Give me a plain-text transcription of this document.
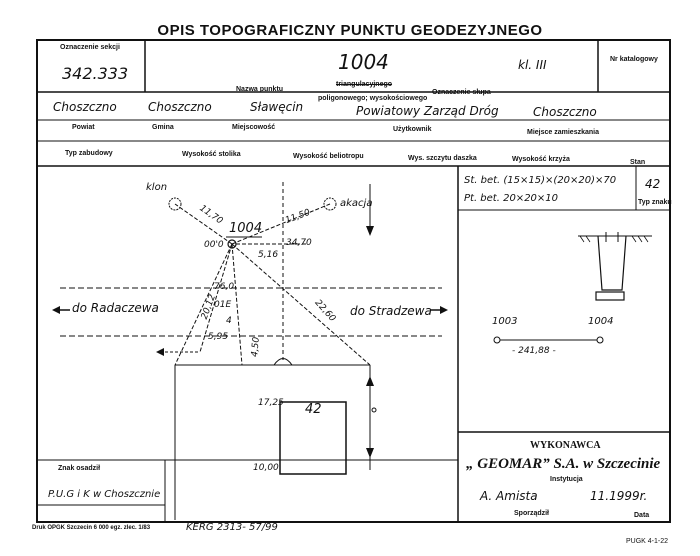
OPIS TOPOGRAFICZNY PUNKTU GEODEZYJNEGO
Oznaczenie sekcji
342.333	1004	kl. III	Nr katalogowy
Nazwa punktu
triangulacyjnego
poligonowego; wysokościowego
Oznaczenie słupa
Choszczno	Choszczno	Sławęcin	Powiatowy Zarząd Dróg	Choszczno
Powiat	Gmina	Miejscowość	Użytkownik	Miejsce zamieszkania
Typ zabudowy	Wysokość stolika	Wysokość beliotropu	Wys. szczytu daszka	Wysokość krzyża	Stan
klon
akacja
1004
11,70	11,50
34,70
5,16
20,12	22,60
00'0
76,0
01E
4
5,95 4,50
do Radaczewa	do Stradzewa
42
17,25
10,00
St. bet. (15×15)×(20×20)×70
Pt. bet. 20×20×10
42
Typ znaku
1003	1004
- 241,88 -
WYKONAWCA
„ GEOMAR” S.A. w Szczecinie
Instytucja
A. Amista	11.1999r.
Sporządził	Data
Znak osadził
P.U.G i K w Choszcznie
Druk OPGK Szczecin 6 000 egz. zlec. 1/83	KERG 2313- 57/99
PUGK 4-1-22
